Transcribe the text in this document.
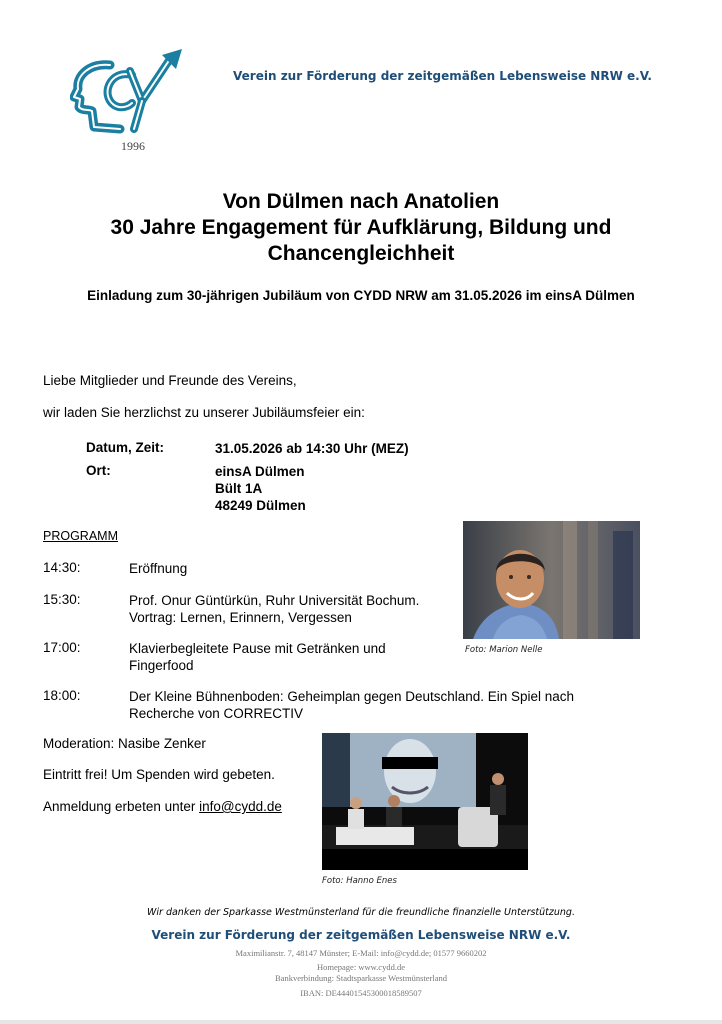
1996
Verein zur Förderung der zeitgemäßen Lebensweise NRW e.V.
Von Dülmen nach Anatolien
30 Jahre Engagement für Aufklärung, Bildung und
Chancengleichheit
Einladung zum 30-jährigen Jubiläum von CYDD NRW am 31.05.2026 im einsA Dülmen
Liebe Mitglieder und Freunde des Vereins,
wir laden Sie herzlichst zu unserer Jubiläumsfeier ein:
Datum, Zeit:	31.05.2026 ab 14:30 Uhr (MEZ)
Ort:	einsA Dülmen
Bült 1A
48249 Dülmen
PROGRAMM
14:30:	Eröffnung
15:30:	Prof. Onur Güntürkün, Ruhr Universität Bochum.
Vortrag: Lernen, Erinnern, Vergessen
17:00:	Klavierbegleitete Pause mit Getränken und
Fingerfood
18:00:	Der Kleine Bühnenboden: Geheimplan gegen Deutschland. Ein Spiel nach
Recherche von CORRECTIV
Foto: Marion Nelle
Moderation: Nasibe Zenker
Eintritt frei! Um Spenden wird gebeten.
Anmeldung erbeten unter info@cydd.de
Foto: Hanno Enes
Wir danken der Sparkasse Westmünsterland für die freundliche finanzielle Unterstützung.
Verein zur Förderung der zeitgemäßen Lebensweise NRW e.V.
Maximilianstr. 7, 48147 Münster; E-Mail: info@cydd.de; 01577 9660202
Homepage: www.cydd.de
Bankverbindung: Stadtsparkasse Westmünsterland
IBAN: DE44401545300018589507
